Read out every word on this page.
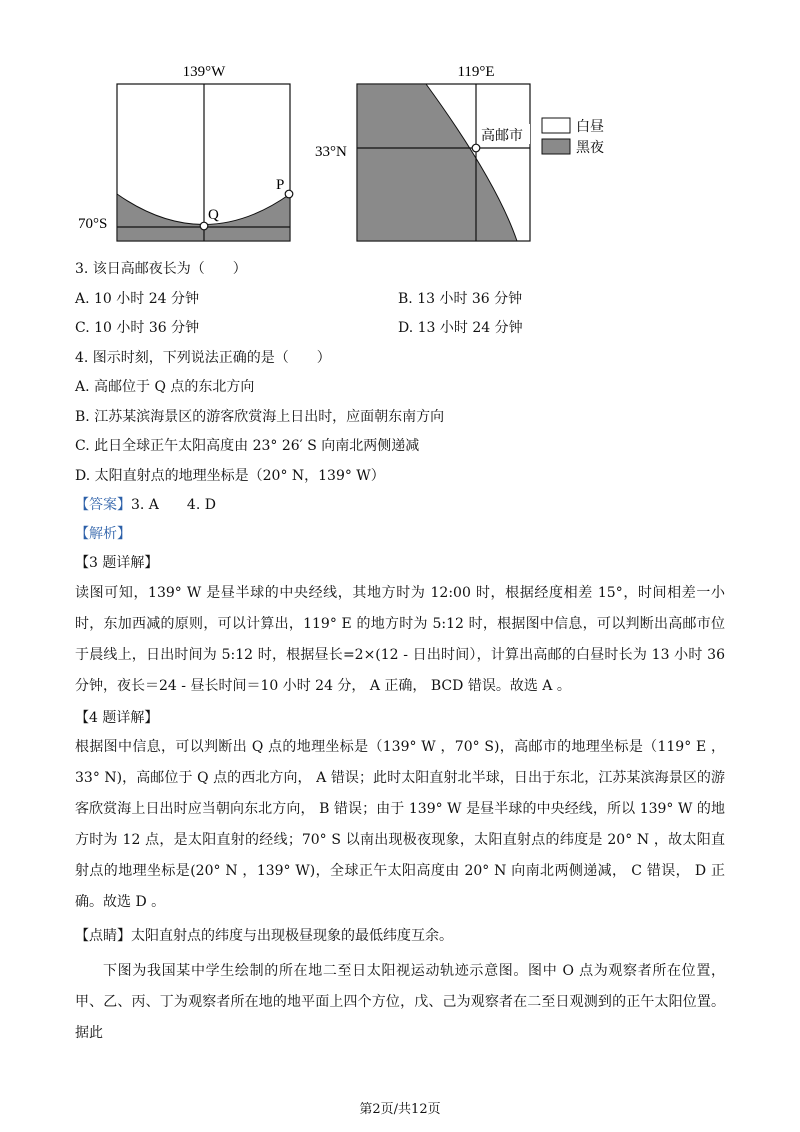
139°W
70°S
P
Q
119°E
33°N
高邮市
白昼
黑夜
3. 该日高邮夜长为（　　）
A. 10 小时 24 分钟	B. 13 小时 36 分钟
C. 10 小时 36 分钟	D. 13 小时 24 分钟
4. 图示时刻，下列说法正确的是（　　）
A. 高邮位于 Q 点的东北方向
B. 江苏某滨海景区的游客欣赏海上日出时，应面朝东南方向
C. 此日全球正午太阳高度由 23° 26′ S 向南北两侧递减
D. 太阳直射点的地理坐标是（20° N，139° W）
【答案】3. A　　4. D
【解析】
【3 题详解】
读图可知，139° W 是昼半球的中央经线，其地方时为 12:00 时，根据经度相差 15°，时间相差一小时，东加西减的原则，可以计算出，119° E 的地方时为 5:12 时，根据图中信息，可以判断出高邮市位于晨线上，日出时间为 5:12 时，根据昼长=2×(12 - 日出时间），计算出高邮的白昼时长为 13 小时 36 分钟，夜长＝24 - 昼长时间＝10 小时 24 分， A 正确， BCD 错误。故选 A 。
【4 题详解】
根据图中信息，可以判断出 Q 点的地理坐标是（139° W ，70° S)，高邮市的地理坐标是（119° E ，33° N)，高邮位于 Q 点的西北方向， A 错误；此时太阳直射北半球，日出于东北，江苏某滨海景区的游客欣赏海上日出时应当朝向东北方向， B 错误；由于 139° W 是昼半球的中央经线，所以 139° W 的地方时为 12 点，是太阳直射的经线；70° S 以南出现极夜现象，太阳直射点的纬度是 20° N ，故太阳直射点的地理坐标是(20° N ，139° W)，全球正午太阳高度由 20° N 向南北两侧递减， C 错误， D 正确。故选 D 。
【点睛】太阳直射点的纬度与出现极昼现象的最低纬度互余。
下图为我国某中学生绘制的所在地二至日太阳视运动轨迹示意图。图中 O 点为观察者所在位置，甲、乙、丙、丁为观察者所在地的地平面上四个方位，戊、己为观察者在二至日观测到的正午太阳位置。据此
第2页/共12页
